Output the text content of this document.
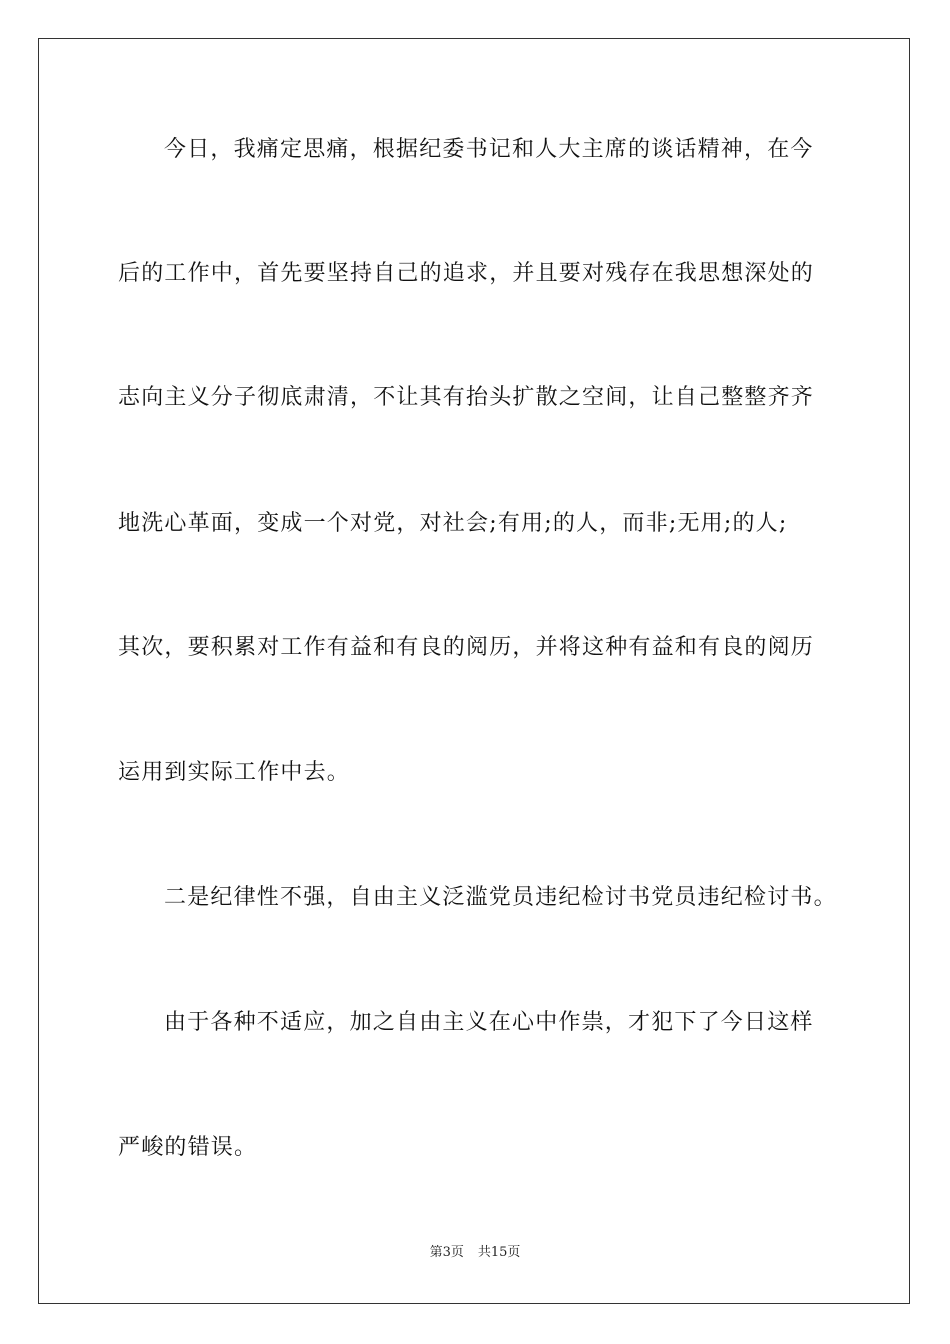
今日，我痛定思痛，根据纪委书记和人大主席的谈话精神，在今
后的工作中，首先要坚持自己的追求，并且要对残存在我思想深处的
志向主义分子彻底肃清，不让其有抬头扩散之空间，让自己整整齐齐
地洗心革面，变成一个对党，对社会;有用;的人，而非;无用;的人;
其次，要积累对工作有益和有良的阅历，并将这种有益和有良的阅历
运用到实际工作中去。
二是纪律性不强，自由主义泛滥党员违纪检讨书党员违纪检讨书。
由于各种不适应，加之自由主义在心中作祟，才犯下了今日这样
严峻的错误。
第3页 共15页
